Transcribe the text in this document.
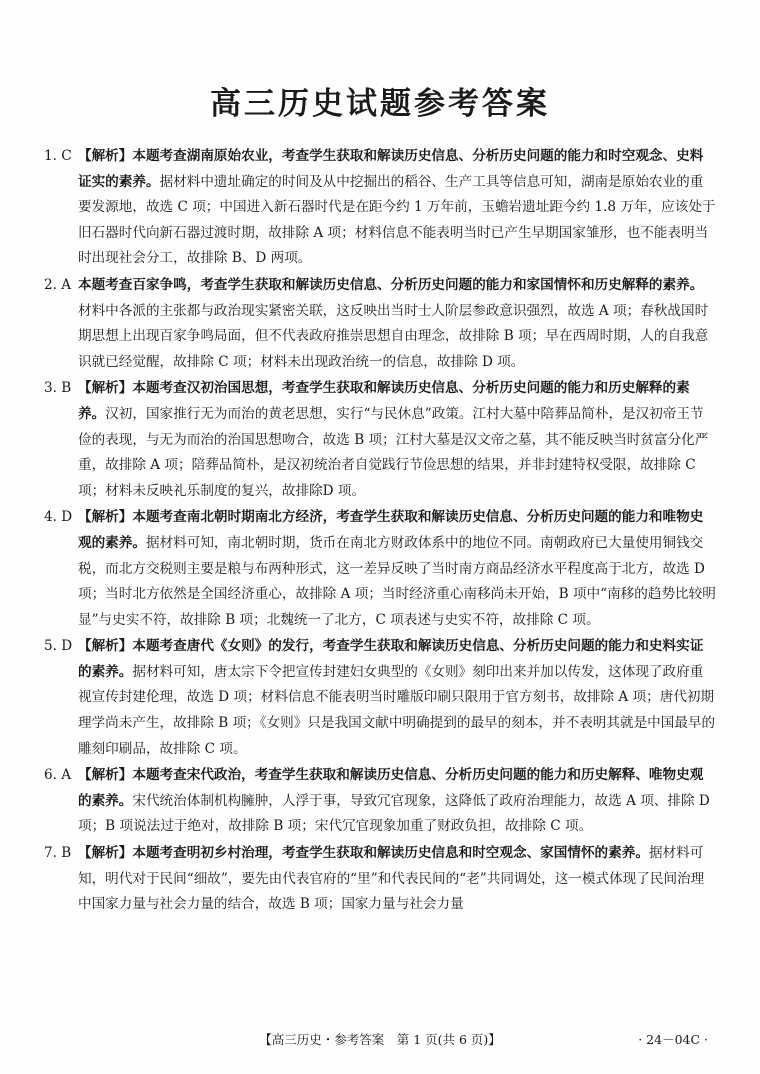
高三历史试题参考答案
1. C 【解析】本题考查湖南原始农业，考查学生获取和解读历史信息、分析历史问题的能力和时空观念、史料证实的素养。据材料中遗址确定的时间及从中挖掘出的稻谷、生产工具等信息可知，湖南是原始农业的重要发源地，故选 C 项；中国进入新石器时代是在距今约 1 万年前，玉蟾岩遗址距今约 1.8 万年，应该处于旧石器时代向新石器过渡时期，故排除 A 项；材料信息不能表明当时已产生早期国家雏形，也不能表明当时出现社会分工，故排除 B、D 两项。
2. A 本题考查百家争鸣，考查学生获取和解读历史信息、分析历史问题的能力和家国情怀和历史解释的素养。材料中各派的主张都与政治现实紧密关联，这反映出当时士人阶层参政意识强烈，故选 A 项；春秋战国时期思想上出现百家争鸣局面，但不代表政府推崇思想自由理念，故排除 B 项；早在西周时期，人的自我意识就已经觉醒，故排除 C 项；材料未出现政治统一的信息，故排除 D 项。
3. B 【解析】本题考查汉初治国思想，考查学生获取和解读历史信息、分析历史问题的能力和历史解释的素养。汉初，国家推行无为而治的黄老思想，实行“与民休息”政策。江村大墓中陪葬品简朴，是汉初帝王节俭的表现，与无为而治的治国思想吻合，故选 B 项；江村大墓是汉文帝之墓，其不能反映当时贫富分化严重，故排除 A 项；陪葬品简朴，是汉初统治者自觉践行节俭思想的结果，并非封建特权受限，故排除 C 项；材料未反映礼乐制度的复兴，故排除D 项。
4. D 【解析】本题考查南北朝时期南北方经济，考查学生获取和解读历史信息、分析历史问题的能力和唯物史观的素养。据材料可知，南北朝时期，货币在南北方财政体系中的地位不同。南朝政府已大量使用铜钱交税，而北方交税则主要是粮与布两种形式，这一差异反映了当时南方商品经济水平程度高于北方，故选 D 项；当时北方依然是全国经济重心，故排除 A 项；当时经济重心南移尚未开始，B 项中“南移的趋势比较明显”与史实不符，故排除 B 项；北魏统一了北方，C 项表述与史实不符，故排除 C 项。
5. D 【解析】本题考查唐代《女则》的发行，考查学生获取和解读历史信息、分析历史问题的能力和史料实证的素养。据材料可知，唐太宗下令把宣传封建妇女典型的《女则》刻印出来并加以传发，这体现了政府重视宣传封建伦理，故选 D 项；材料信息不能表明当时雕版印刷只限用于官方刻书，故排除 A 项；唐代初期理学尚未产生，故排除 B 项；《女则》只是我国文献中明确提到的最早的刻本，并不表明其就是中国最早的雕刻印刷品，故排除 C 项。
6. A 【解析】本题考查宋代政治，考查学生获取和解读历史信息、分析历史问题的能力和历史解释、唯物史观的素养。宋代统治体制机构臃肿，人浮于事，导致冗官现象，这降低了政府治理能力，故选 A 项、排除 D 项；B 项说法过于绝对，故排除 B 项；宋代冗官现象加重了财政负担，故排除 C 项。
7. B 【解析】本题考查明初乡村治理，考查学生获取和解读历史信息和时空观念、家国情怀的素养。据材料可知，明代对于民间“细故”，要先由代表官府的“里”和代表民间的“老”共同调处，这一模式体现了民间治理中国家力量与社会力量的结合，故选 B 项；国家力量与社会力量
【高三历史・参考答案　第 1 页(共 6 页)】	· 24－04C ·
